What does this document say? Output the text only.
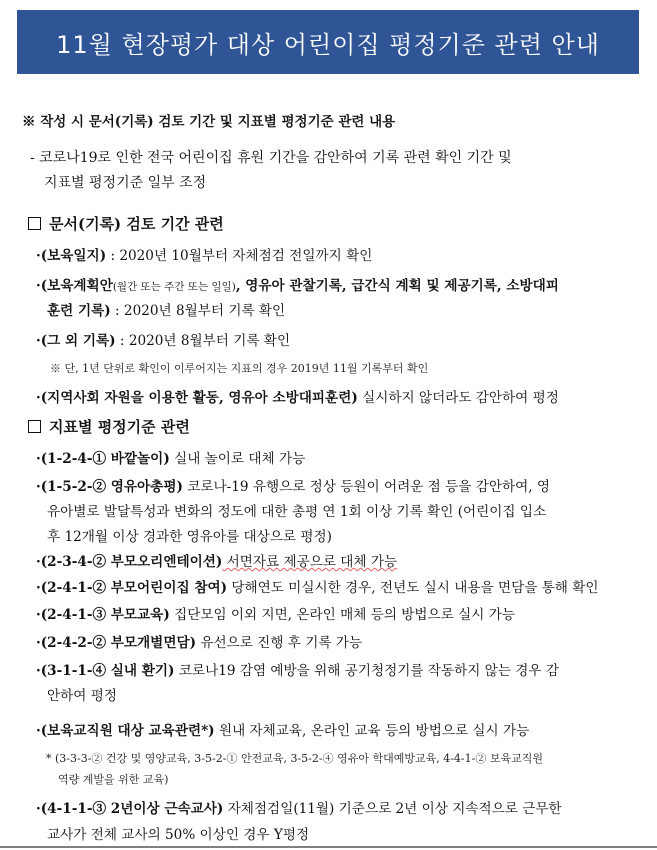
11월 현장평가 대상 어린이집 평정기준 관련 안내
※ 작성 시 문서(기록) 검토 기간 및 지표별 평정기준 관련 내용
- 코로나19로 인한 전국 어린이집 휴원 기간을 감안하여 기록 관련 확인 기간 및
지표별 평정기준 일부 조정
문서(기록) 검토 기간 관련
·(보육일지) : 2020년 10월부터 자체점검 전일까지 확인
·(보육계획안(월간 또는 주간 또는 일일), 영유아 관찰기록, 급간식 계획 및 제공기록, 소방대피
훈련 기록) : 2020년 8월부터 기록 확인
·(그 외 기록) : 2020년 8월부터 기록 확인
※ 단, 1년 단위로 확인이 이루어지는 지표의 경우 2019년 11월 기록부터 확인
·(지역사회 자원을 이용한 활동, 영유아 소방대피훈련) 실시하지 않더라도 감안하여 평정
지표별 평정기준 관련
·(1-2-4-① 바깥놀이) 실내 놀이로 대체 가능
·(1-5-2-② 영유아총평) 코로나-19 유행으로 정상 등원이 어려운 점 등을 감안하여, 영
유아별로 발달특성과 변화의 정도에 대한 총평 연 1회 이상 기록 확인 (어린이집 입소
후 12개월 이상 경과한 영유아를 대상으로 평정)
·(2-3-4-② 부모오리엔테이션) 서면자료 제공으로 대체 가능
·(2-4-1-② 부모어린이집 참여) 당해연도 미실시한 경우, 전년도 실시 내용을 면담을 통해 확인
·(2-4-1-③ 부모교육) 집단모임 이외 지면, 온라인 매체 등의 방법으로 실시 가능
·(2-4-2-② 부모개별면담) 유선으로 진행 후 기록 가능
·(3-1-1-④ 실내 환기) 코로나19 감염 예방을 위해 공기청정기를 작동하지 않는 경우 감
안하여 평정
·(보육교직원 대상 교육관련*) 원내 자체교육, 온라인 교육 등의 방법으로 실시 가능
* (3-3-3-② 건강 및 영양교육, 3-5-2-① 안전교육, 3-5-2-④ 영유아 학대예방교육, 4-4-1-② 보육교직원
역량 계발을 위한 교육)
·(4-1-1-③ 2년이상 근속교사) 자체점검일(11월) 기준으로 2년 이상 지속적으로 근무한
교사가 전체 교사의 50% 이상인 경우 Y평정
